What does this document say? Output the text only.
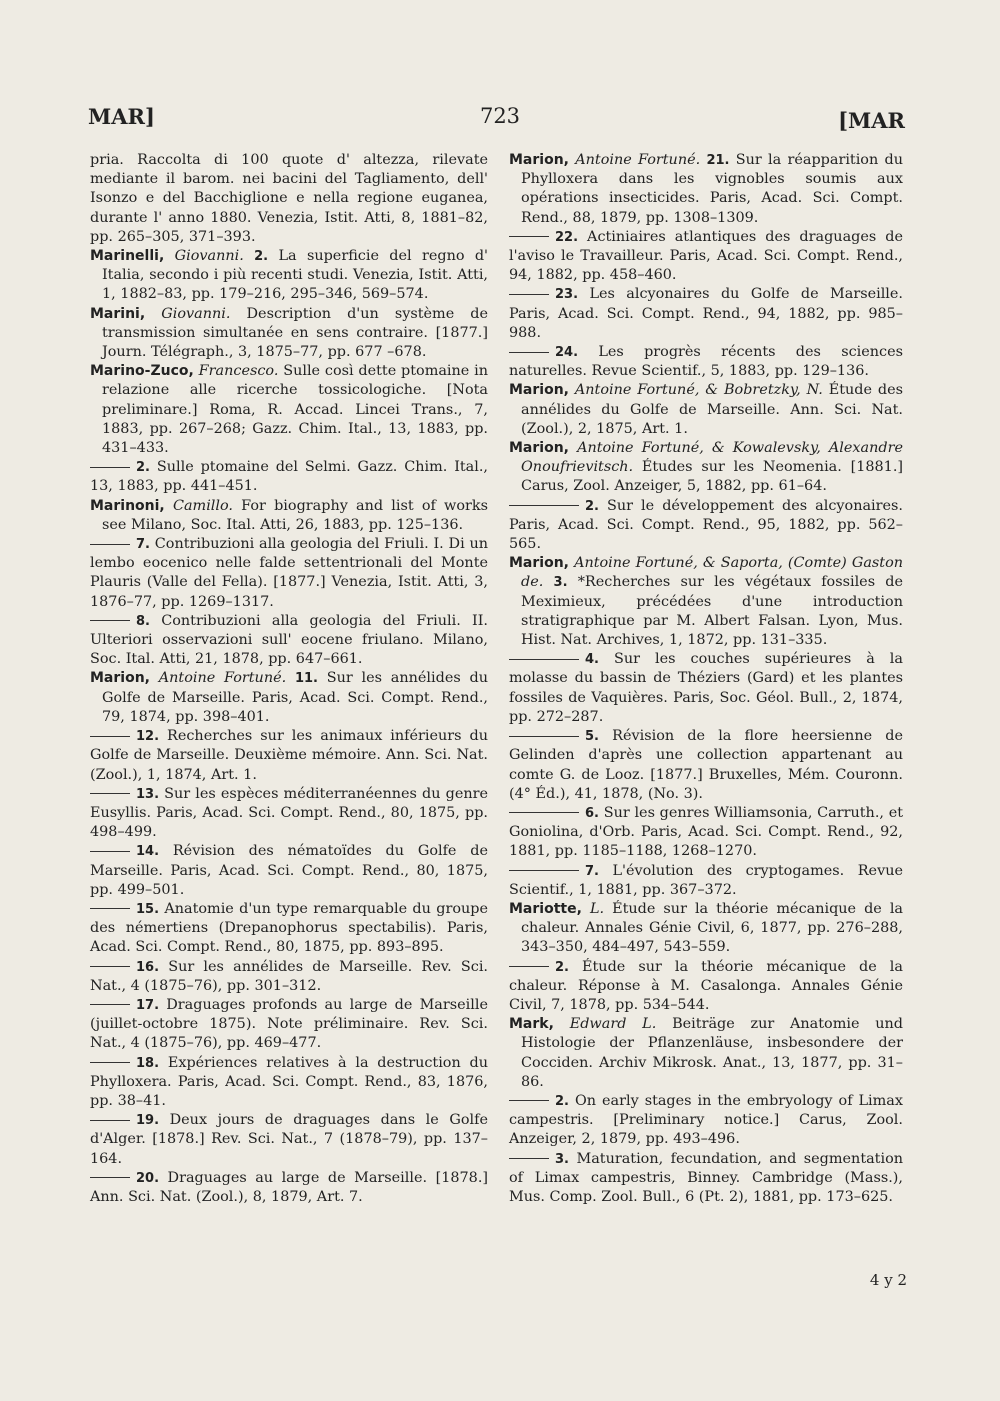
MAR]	723	[MAR

pria. Raccolta di 100 quote d' altezza, rilevate mediante il barom. nei bacini del Tagliamento, dell' Isonzo e del Bacchiglione e nella regione euganea, durante l' anno 1880. Venezia, Istit. Atti, 8, 1881–82, pp. 265–305, 371–393.

Marinelli, Giovanni. 2. La superficie del regno d' Italia, secondo i più recenti studi. Venezia, Istit. Atti, 1, 1882–83, pp. 179–216, 295–346, 569–574.

Marini, Giovanni. Description d'un système de transmission simultanée en sens contraire. [1877.] Journ. Télégraph., 3, 1875–77, pp. 677 –678.

Marino-Zuco, Francesco. Sulle così dette ptomaine in relazione alle ricerche tossicologiche. [Nota preliminare.] Roma, R. Accad. Lincei Trans., 7, 1883, pp. 267–268; Gazz. Chim. Ital., 13, 1883, pp. 431–433.

2. Sulle ptomaine del Selmi. Gazz. Chim. Ital., 13, 1883, pp. 441–451.

Marinoni, Camillo. For biography and list of works see Milano, Soc. Ital. Atti, 26, 1883, pp. 125–136.

7. Contribuzioni alla geologia del Friuli. I. Di un lembo eocenico nelle falde settentrionali del Monte Plauris (Valle del Fella). [1877.] Venezia, Istit. Atti, 3, 1876–77, pp. 1269–1317.

8. Contribuzioni alla geologia del Friuli. II. Ulteriori osservazioni sull' eocene friulano. Milano, Soc. Ital. Atti, 21, 1878, pp. 647–661.

Marion, Antoine Fortuné. 11. Sur les annélides du Golfe de Marseille. Paris, Acad. Sci. Compt. Rend., 79, 1874, pp. 398–401.

12. Recherches sur les animaux inférieurs du Golfe de Marseille. Deuxième mémoire. Ann. Sci. Nat. (Zool.), 1, 1874, Art. 1.

13. Sur les espèces méditerranéennes du genre Eusyllis. Paris, Acad. Sci. Compt. Rend., 80, 1875, pp. 498–499.

14. Révision des nématoïdes du Golfe de Marseille. Paris, Acad. Sci. Compt. Rend., 80, 1875, pp. 499–501.

15. Anatomie d'un type remarquable du groupe des némertiens (Drepanophorus spectabilis). Paris, Acad. Sci. Compt. Rend., 80, 1875, pp. 893–895.

16. Sur les annélides de Marseille. Rev. Sci. Nat., 4 (1875–76), pp. 301–312.

17. Draguages profonds au large de Marseille (juillet-octobre 1875). Note préliminaire. Rev. Sci. Nat., 4 (1875–76), pp. 469–477.

18. Expériences relatives à la destruction du Phylloxera. Paris, Acad. Sci. Compt. Rend., 83, 1876, pp. 38–41.

19. Deux jours de draguages dans le Golfe d'Alger. [1878.] Rev. Sci. Nat., 7 (1878–79), pp. 137–164.

20. Draguages au large de Marseille. [1878.] Ann. Sci. Nat. (Zool.), 8, 1879, Art. 7.

Marion, Antoine Fortuné. 21. Sur la réapparition du Phylloxera dans les vignobles soumis aux opérations insecticides. Paris, Acad. Sci. Compt. Rend., 88, 1879, pp. 1308–1309.

22. Actiniaires atlantiques des draguages de l'aviso le Travailleur. Paris, Acad. Sci. Compt. Rend., 94, 1882, pp. 458–460.

23. Les alcyonaires du Golfe de Marseille. Paris, Acad. Sci. Compt. Rend., 94, 1882, pp. 985–988.

24. Les progrès récents des sciences naturelles. Revue Scientif., 5, 1883, pp. 129–136.

Marion, Antoine Fortuné, & Bobretzky, N. Étude des annélides du Golfe de Marseille. Ann. Sci. Nat. (Zool.), 2, 1875, Art. 1.

Marion, Antoine Fortuné, & Kowalevsky, Alexandre Onoufrievitsch. Études sur les Neomenia. [1881.] Carus, Zool. Anzeiger, 5, 1882, pp. 61–64.

2. Sur le développement des alcyonaires. Paris, Acad. Sci. Compt. Rend., 95, 1882, pp. 562–565.

Marion, Antoine Fortuné, & Saporta, (Comte) Gaston de. 3. *Recherches sur les végétaux fossiles de Meximieux, précédées d'une introduction stratigraphique par M. Albert Falsan. Lyon, Mus. Hist. Nat. Archives, 1, 1872, pp. 131–335.

4. Sur les couches supérieures à la molasse du bassin de Théziers (Gard) et les plantes fossiles de Vaquières. Paris, Soc. Géol. Bull., 2, 1874, pp. 272–287.

5. Révision de la flore heersienne de Gelinden d'après une collection appartenant au comte G. de Looz. [1877.] Bruxelles, Mém. Couronn. (4° Éd.), 41, 1878, (No. 3).

6. Sur les genres Williamsonia, Carruth., et Goniolina, d'Orb. Paris, Acad. Sci. Compt. Rend., 92, 1881, pp. 1185–1188, 1268–1270.

7. L'évolution des cryptogames. Revue Scientif., 1, 1881, pp. 367–372.

Mariotte, L. Étude sur la théorie mécanique de la chaleur. Annales Génie Civil, 6, 1877, pp. 276–288, 343–350, 484–497, 543–559.

2. Étude sur la théorie mécanique de la chaleur. Réponse à M. Casalonga. Annales Génie Civil, 7, 1878, pp. 534–544.

Mark, Edward L. Beiträge zur Anatomie und Histologie der Pflanzenläuse, insbesondere der Cocciden. Archiv Mikrosk. Anat., 13, 1877, pp. 31–86.

2. On early stages in the embryology of Limax campestris. [Preliminary notice.] Carus, Zool. Anzeiger, 2, 1879, pp. 493–496.

3. Maturation, fecundation, and segmentation of Limax campestris, Binney. Cambridge (Mass.), Mus. Comp. Zool. Bull., 6 (Pt. 2), 1881, pp. 173–625.

4 y 2
